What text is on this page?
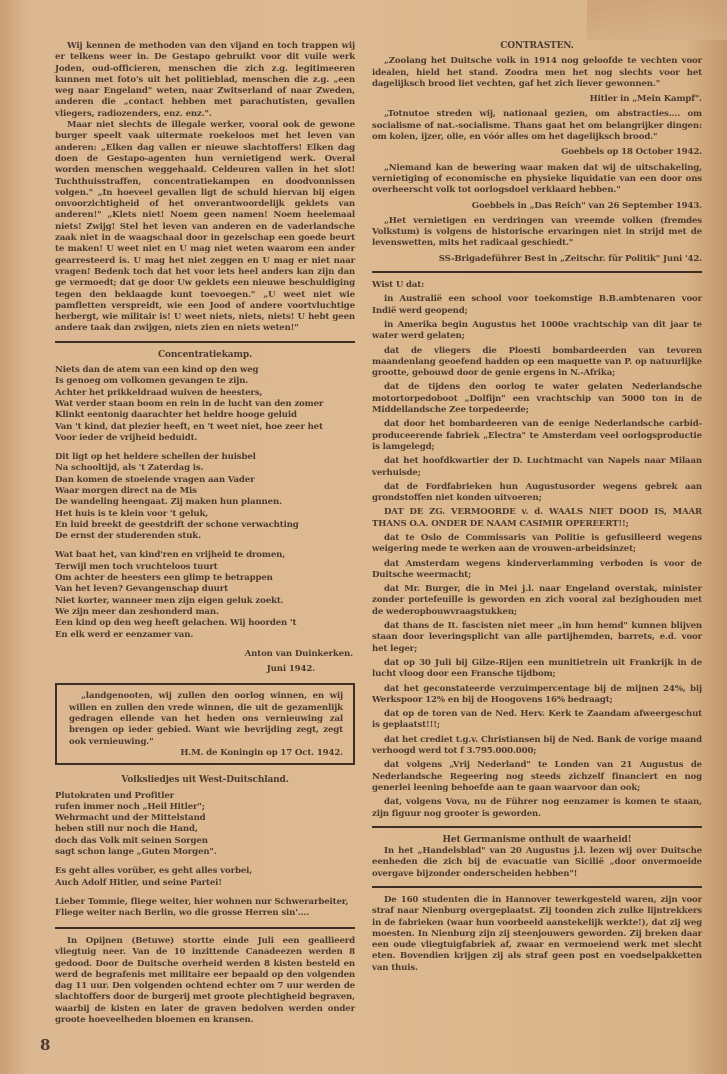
Wij kennen de methoden van den vijand en toch trappen wij er telkens weer in. De Gestapo gebruikt voor dit vuile werk Joden, oud-officieren, menschen die zich z.g. legitimeeren kunnen met foto's uit het politieblad, menschen die z.g. „een weg naar Engeland" weten, naar Zwitserland of naar Zweden, anderen die „contact hebben met parachutisten, gevallen vliegers, radiozenders, enz. enz.".

Maar niet slechts de illegale werker, vooral ook de gewone burger speelt vaak uitermate roekeloos met het leven van anderen: „Elken dag vallen er nieuwe slachtoffers! Elken dag doen de Gestapo-agenten hun vernietigend werk. Overal worden menschen weggehaald. Celdeuren vallen in het slot! Tuchthuisstraffen, concentratiekampen en doodvonnissen volgen." „In hoeveel gevallen ligt de schuld hiervan bij eigen onvoorzichtigheid of het onverantwoordelijk geklets van anderen!" „Klets niet! Noem geen namen! Noem heelemaal niets! Zwijg! Stel het leven van anderen en de vaderlandsche zaak niet in de waagschaal door in gezelschap een goede beurt te maken! U weet niet en U mag niet weten waarom een ander gearresteerd is. U mag het niet zeggen en U mag er niet naar vragen! Bedenk toch dat het voor iets heel anders kan zijn dan ge vermoedt; dat ge door Uw geklets een nieuwe beschuldiging tegen den beklaagde kunt toevoegen." „U weet niet wie pamfletten verspreidt, wie een Jood of andere voortvluchtige herbergt, wie militair is! U weet niets, niets, niets! U hebt geen andere taak dan zwijgen, niets zien en niets weten!"

Concentratiekamp.
Niets dan de atem van een kind op den weg
Is genoeg om volkomen gevangen te zijn.
Achter het prikkeldraad wuiven de heesters,
Wat verder staan boom en rein in de lucht van den zomer
Klinkt eentonig daarachter het heldre hooge geluid
Van 't kind, dat plezier heeft, en 't weet niet, hoe zeer het
Voor ieder de vrijheid beduidt.
Dit ligt op het heldere schellen der huisbel
Na schooltijd, als 't Zaterdag is.
Dan komen de stoeiende vragen aan Vader
Waar morgen direct na de Mis
De wandeling heengaat. Zij maken hun plannen.
Het huis is te klein voor 't geluk,
En luid breekt de geestdrift der schone verwachting
De ernst der studerenden stuk.
Wat baat het, van kind'ren en vrijheid te dromen,
Terwijl men toch vruchteloos tuurt
Om achter de heesters een glimp te betrappen
Van het leven? Gevangenschap duurt
Niet korter, wanneer men zijn eigen geluk zoekt.
We zijn meer dan zeshonderd man.
Een kind op den weg heeft gelachen. Wij hoorden 't
En elk werd er eenzamer van.
Anton van Duinkerken.
Juni 1942.

„landgenooten, wij zullen den oorlog winnen, en wij willen en zullen den vrede winnen, die uit de gezamenlijk gedragen ellende van het heden ons vernieuwing zal brengen op ieder gebied. Want wie bevrijding zegt, zegt ook vernieuwing."

H.M. de Koningin op 17 Oct. 1942.
Volksliedjes uit West-Duitschland.
Plutokraten und Profitler
rufen immer noch „Heil Hitler";
Wehrmacht und der Mittelstand
heben still nur noch die Hand,
doch das Volk mit seinen Sorgen
sagt schon lange „Guten Morgen".
Es geht alles vorüber, es geht alles vorbei,
Auch Adolf Hitler, und seine Partei!
Lieber Tommie, fliege weiter, hier wohnen nur Schwerarbeiter,
Fliege weiter nach Berlin, wo die grosse Herren sin'....

In Opijnen (Betuwe) stortte einde Juli een geallieerd vliegtuig neer. Van de 10 inzittende Canadeezen werden 8 gedood. Door de Duitsche overheid werden 8 kisten besteld en werd de begrafenis met militaire eer bepaald op den volgenden dag 11 uur. Den volgenden ochtend echter om 7 uur werden de slachtoffers door de burgerij met groote plechtigheid begraven, waarbij de kisten en later de graven bedolven werden onder groote hoeveelheden bloemen en kransen.

8
CONTRASTEN.

„Zoolang het Duitsche volk in 1914 nog geloofde te vechten voor idealen, hield het stand. Zoodra men het nog slechts voor het dagelijksch brood liet vechten, gaf het zich liever gewonnen."

Hitler in „Mein Kampf".

„Totnutoe streden wij, nationaal gezien, om abstracties.... om socialisme of nat.-socialisme. Thans gaat het om belangrijker dingen: om kolen, ijzer, olie, en vóór alles om het dagelijksch brood."

Goebbels op 18 October 1942.

„Niemand kan de bewering waar maken dat wij de uitschakeling, vernietiging of economische en physieke liquidatie van een door ons overheerscht volk tot oorlogsdoel verklaard hebben."

Goebbels in „Das Reich" van 26 September 1943.

„Het vernietigen en verdringen van vreemde volken (fremdes Volkstum) is volgens de historische ervaringen niet in strijd met de levenswetten, mits het radicaal geschiedt."

SS-Brigadeführer Best in „Zeitschr. für Politik" Juni '42.
Wist U dat:
in Australië een school voor toekomstige B.B.ambtenaren voor Indië werd geopend;
in Amerika begin Augustus het 1000e vrachtschip van dit jaar te water werd gelaten;
dat de vliegers die Ploesti bombardeerden van tevoren maandenlang geoefend hadden op een maquette van P. op natuurlijke grootte, gebouwd door de genie ergens in N.-Afrika;
dat de tijdens den oorlog te water gelaten Nederlandsche motortorpedoboot „Dolfijn" een vrachtschip van 5000 ton in de Middellandsche Zee torpedeerde;
dat door het bombardeeren van de eenige Nederlandsche carbid-produceerende fabriek „Electra" te Amsterdam veel oorlogsproductie is lamgelegd;
dat het hoofdkwartier der D. Luchtmacht van Napels naar Milaan verhuisde;
dat de Fordfabrieken hun Augustusorder wegens gebrek aan grondstoffen niet konden uitvoeren;
DAT DE ZG. VERMOORDE v. d. WAALS NIET DOOD IS, MAAR THANS O.A. ONDER DE NAAM CASIMIR OPEREERT!!;
dat te Oslo de Commissaris van Politie is gefusilleerd wegens weigering mede te werken aan de vrouwen-arbeidsinzet;
dat Amsterdam wegens kinderverlamming verboden is voor de Duitsche weermacht;
dat Mr. Burger, die in Mei j.l. naar Engeland overstak, minister zonder portefeuille is geworden en zich vooral zal bezighouden met de wederopbouwvraagstukken;
dat thans de It. fascisten niet meer „in hun hemd" kunnen blijven staan door leveringsplicht van alle partijhemden, barrets, e.d. voor het leger;
dat op 30 Juli bij Gilze-Rijen een munitietrein uit Frankrijk in de lucht vloog door een Fransche tijdbom;
dat het geconstateerde verzuimpercentage bij de mijnen 24%, bij Werkspoor 12% en bij de Hoogovens 16% bedraagt;
dat op de toren van de Ned. Herv. Kerk te Zaandam afweergeschut is geplaatst!!!;
dat het crediet t.g.v. Christiansen bij de Ned. Bank de vorige maand verhoogd werd tot f 3.795.000.000;
dat volgens „Vrij Nederland" te Londen van 21 Augustus de Nederlandsche Regeering nog steeds zichzelf financiert en nog generlei leening behoefde aan te gaan waarvoor dan ook;
dat, volgens Vova, nu de Führer nog eenzamer is komen te staan, zijn figuur nog grooter is geworden.
Het Germanisme onthult de waarheid!

In het „Handelsblad" van 20 Augustus j.l. lezen wij over Duitsche eenheden die zich bij de evacuatie van Sicilië „door onvermoeide overgave bijzonder onderscheiden hebben"!

De 160 studenten die in Hannover tewerkgesteld waren, zijn voor straf naar Nienburg overgeplaatst. Zij toonden zich zulke lijntrekkers in de fabrieken (waar hun voorbeeld aanstekelijk werkte!), dat zij weg moesten. In Nienburg zijn zij steenjouwers geworden. Zij breken daar een oude vliegtuigfabriek af, zwaar en vermoeiend werk met slecht eten. Bovendien krijgen zij als straf geen post en voedselpakketten van thuis.
